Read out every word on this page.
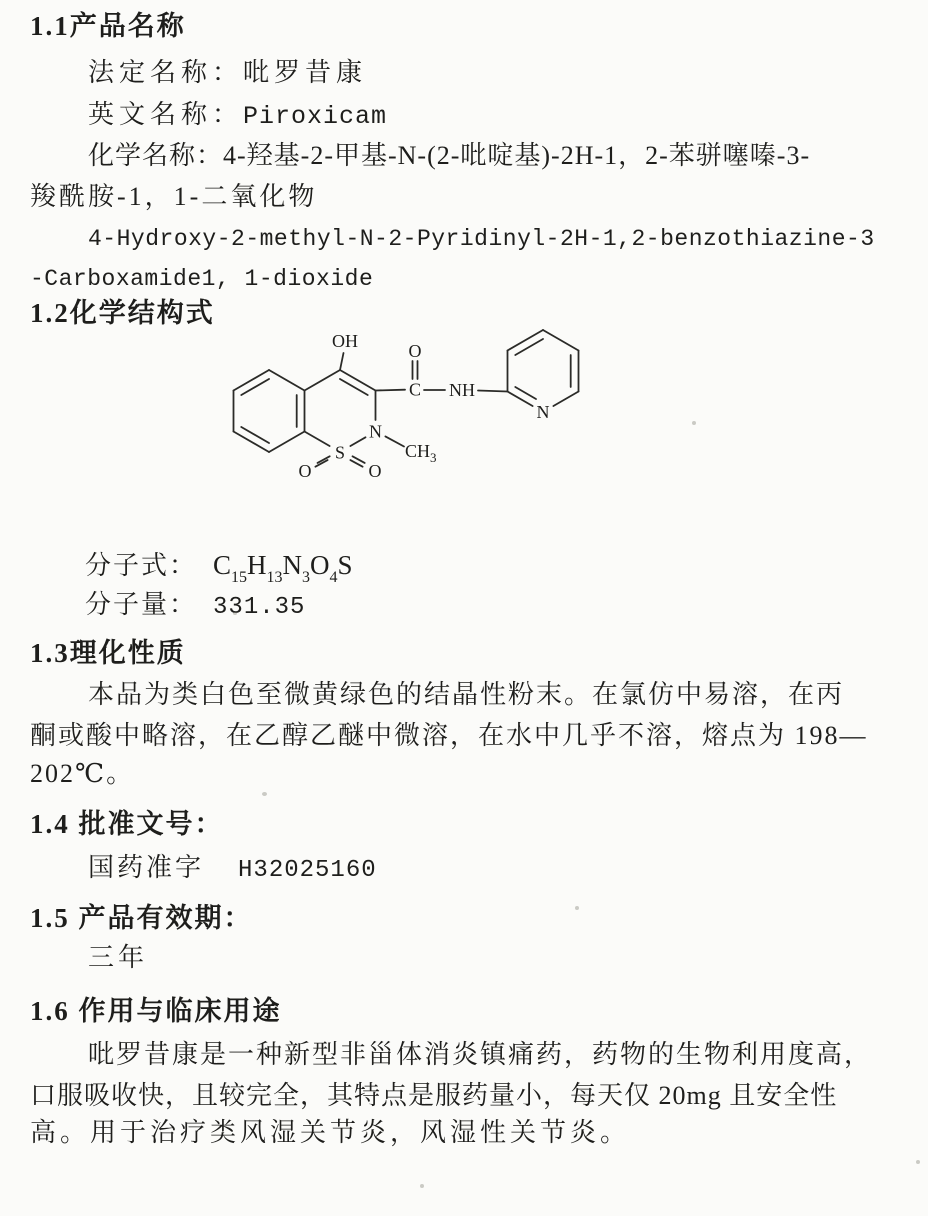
1.1产品名称
法定名称：吡罗昔康
英文名称：Piroxicam
化学名称：4-羟基-2-甲基-N-(2-吡啶基)-2H-1，2-苯骈噻嗪-3-
羧酰胺-1，1-二氧化物
4-Hydroxy-2-methyl-N-2-Pyridinyl-2H-1,2-benzothiazine-3
-Carboxamide1, 1-dioxide
1.2化学结构式
N
S
OH
O	O
$CH_3$
O
C NH
N
分子式： $C_{15}H_{13}N_3O_4S$
分子量： 331.35
1.3理化性质
本品为类白色至微黄绿色的结晶性粉末。在氯仿中易溶，在丙
酮或酸中略溶，在乙醇乙醚中微溶，在水中几乎不溶，熔点为 198—
202℃。
1.4 批准文号：
国药准字 H32025160
1.5 产品有效期：
三年
1.6 作用与临床用途
吡罗昔康是一种新型非甾体消炎镇痛药，药物的生物利用度高，
口服吸收快，且较完全，其特点是服药量小，每天仅 20mg 且安全性
高。用于治疗类风湿关节炎，风湿性关节炎。
